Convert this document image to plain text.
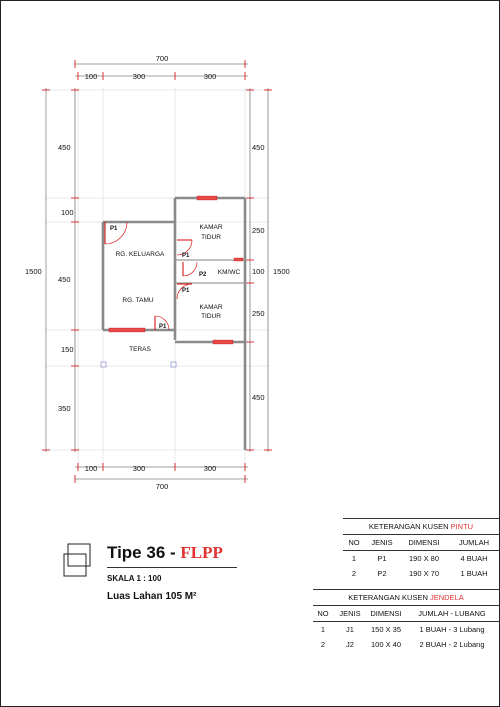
700
100	300	300
100	300	300
700
450
100
450
150
350
1500
450
250
100
250
450
1500
P1
P1
P2
P1
P1
KAMAR
TIDUR
RG. KELUARGA
KM/WC
RG. TAMU
KAMAR
TIDUR
TERAS
Tipe 36 - FLPP
SKALA 1 : 100
Luas Lahan 105 M²
KETERANGAN KUSEN PINTU
NO	JENIS	DIMENSI	JUMLAH
1	P1	190 X 80	4 BUAH
2	P2	190 X 70	1 BUAH
KETERANGAN KUSEN JENDELA
NO	JENIS	DIMENSI	JUMLAH - LUBANG
1	J1	150 X 35	1 BUAH - 3 Lubang
2	J2	100 X 40	2 BUAH - 2 Lubang
